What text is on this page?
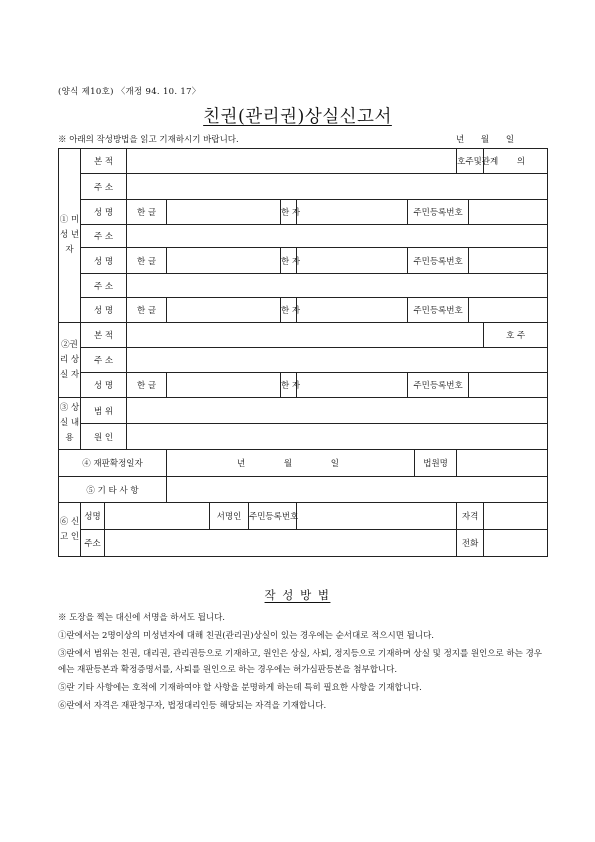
(양식 제10호) 〈개정 94. 10. 17〉
친권(관리권)상실신고서
※ 아래의 작성방법을 읽고 기재하시기 바랍니다.	년 월 일
① 미 성 년 자	본 적										호주및관계		의	
	주 소													
	성 명		한 글				한 자		주민등록번호					
	주 소													
	성 명		한 글				한 자		주민등록번호					
	주 소													
	성 명		한 글				한 자		주민등록번호					
②권 리 상 실 자	본 적												호 주	
	주 소													
	성 명		한 글				한 자		주민등록번호					
③ 상실 내용	범 위													
	원 인													
④ 재판확정일자				년 월 일						법원명				
⑤ 기 타 사 항														
⑥ 신고 인	성명				서명인	주민등록번호					자격			
	주소										전화			
작 성 방 법

※ 도장을 찍는 대신에 서명을 하셔도 됩니다.

①란에서는 2명이상의 미성년자에 대해 친권(관리권)상실이 있는 경우에는 순서대로 적으시면 됩니다.

③란에서 범위는 친권, 대리권, 관리권등으로 기재하고, 원인은 상실, 사퇴, 정지등으로 기재하며 상실 및 정지를 원인으로 하는 경우에는 재판등본과 확정증명서를, 사퇴를 원인으로 하는 경우에는 허가심판등본을 첨부합니다.

⑤란 기타 사항에는 호적에 기재하여야 할 사항을 분명하게 하는데 특히 필요한 사항을 기재합니다.

⑥란에서 자격은 재판청구자, 법정대리인등 해당되는 자격을 기재합니다.
